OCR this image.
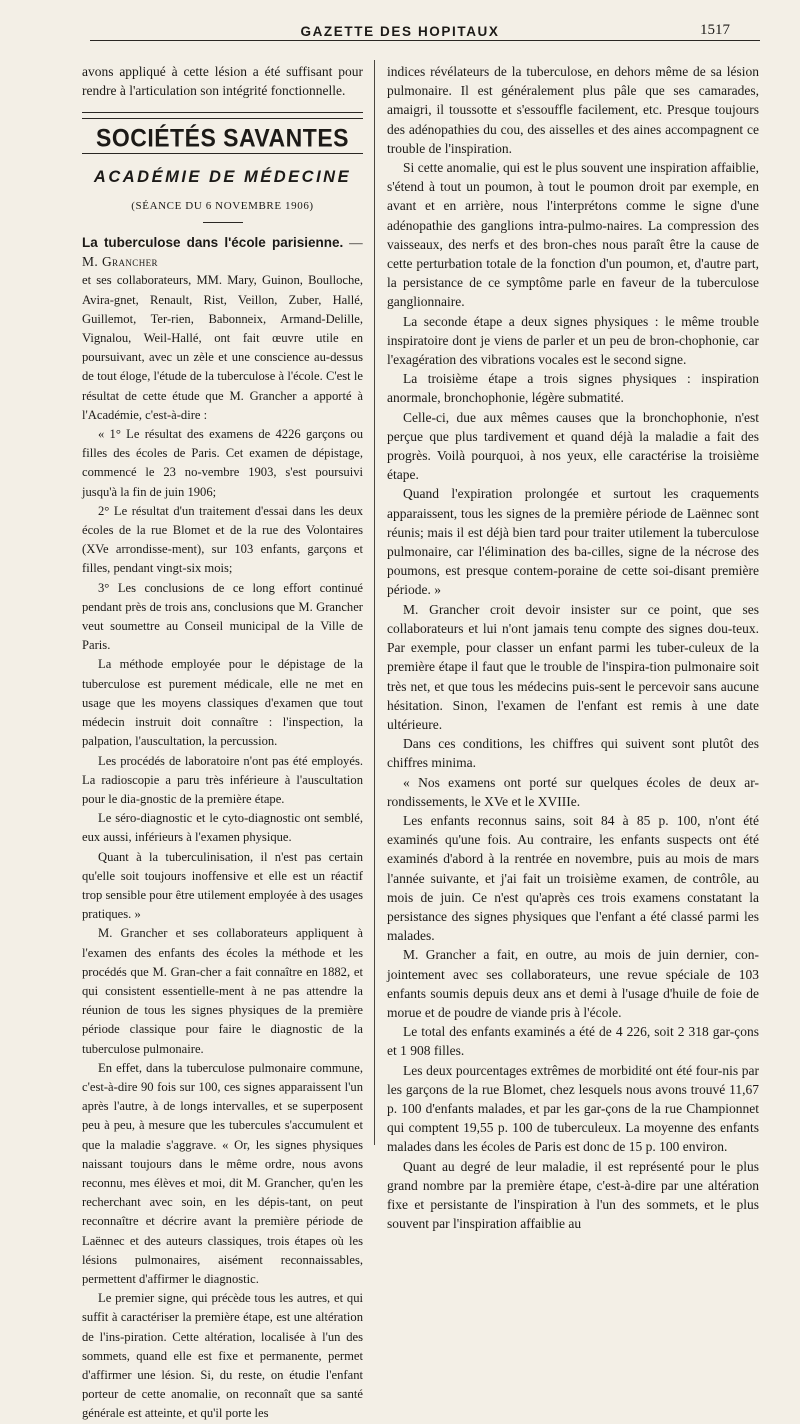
GAZETTE DES HOPITAUX	1517

avons appliqué à cette lésion a été suffisant pour rendre à l'articulation son intégrité fonctionnelle.

SOCIÉTÉS SAVANTES
ACADÉMIE DE MÉDECINE
(SÉANCE DU 6 NOVEMBRE 1906)

La tuberculose dans l'école parisienne. — M. Grancher

et ses collaborateurs, MM. Mary, Guinon, Boulloche, Avira-gnet, Renault, Rist, Veillon, Zuber, Hallé, Guillemot, Ter-rien, Babonneix, Armand-Delille, Vignalou, Weil-Hallé, ont fait œuvre utile en poursuivant, avec un zèle et une conscience au-dessus de tout éloge, l'étude de la tuberculose à l'école. C'est le résultat de cette étude que M. Grancher a apporté à l'Académie, c'est-à-dire :

« 1° Le résultat des examens de 4226 garçons ou filles des écoles de Paris. Cet examen de dépistage, commencé le 23 no-vembre 1903, s'est poursuivi jusqu'à la fin de juin 1906;

2° Le résultat d'un traitement d'essai dans les deux écoles de la rue Blomet et de la rue des Volontaires (XVe arrondisse-ment), sur 103 enfants, garçons et filles, pendant vingt-six mois;

3° Les conclusions de ce long effort continué pendant près de trois ans, conclusions que M. Grancher veut soumettre au Conseil municipal de la Ville de Paris.

La méthode employée pour le dépistage de la tuberculose est purement médicale, elle ne met en usage que les moyens classiques d'examen que tout médecin instruit doit connaître : l'inspection, la palpation, l'auscultation, la percussion.

Les procédés de laboratoire n'ont pas été employés. La radioscopie a paru très inférieure à l'auscultation pour le dia-gnostic de la première étape.

Le séro-diagnostic et le cyto-diagnostic ont semblé, eux aussi, inférieurs à l'examen physique.

Quant à la tuberculinisation, il n'est pas certain qu'elle soit toujours inoffensive et elle est un réactif trop sensible pour être utilement employée à des usages pratiques. »

M. Grancher et ses collaborateurs appliquent à l'examen des enfants des écoles la méthode et les procédés que M. Gran-cher a fait connaître en 1882, et qui consistent essentielle-ment à ne pas attendre la réunion de tous les signes physiques de la première période classique pour faire le diagnostic de la tuberculose pulmonaire.

En effet, dans la tuberculose pulmonaire commune, c'est-à-dire 90 fois sur 100, ces signes apparaissent l'un après l'autre, à de longs intervalles, et se superposent peu à peu, à mesure que les tubercules s'accumulent et que la maladie s'aggrave. « Or, les signes physiques naissant toujours dans le même ordre, nous avons reconnu, mes élèves et moi, dit M. Grancher, qu'en les recherchant avec soin, en les dépis-tant, on peut reconnaître et décrire avant la première période de Laënnec et des auteurs classiques, trois étapes où les lésions pulmonaires, aisément reconnaissables, permettent d'affirmer le diagnostic.

Le premier signe, qui précède tous les autres, et qui suffit à caractériser la première étape, est une altération de l'ins-piration. Cette altération, localisée à l'un des sommets, quand elle est fixe et permanente, permet d'affirmer une lésion. Si, du reste, on étudie l'enfant porteur de cette anomalie, on reconnaît que sa santé générale est atteinte, et qu'il porte les

indices révélateurs de la tuberculose, en dehors même de sa lésion pulmonaire. Il est généralement plus pâle que ses camarades, amaigri, il toussotte et s'essouffle facilement, etc. Presque toujours des adénopathies du cou, des aisselles et des aines accompagnent ce trouble de l'inspiration.

Si cette anomalie, qui est le plus souvent une inspiration affaiblie, s'étend à tout un poumon, à tout le poumon droit par exemple, en avant et en arrière, nous l'interprétons comme le signe d'une adénopathie des ganglions intra-pulmo-naires. La compression des vaisseaux, des nerfs et des bron-ches nous paraît être la cause de cette perturbation totale de la fonction d'un poumon, et, d'autre part, la persistance de ce symptôme parle en faveur de la tuberculose ganglionnaire.

La seconde étape a deux signes physiques : le même trouble inspiratoire dont je viens de parler et un peu de bron-chophonie, car l'exagération des vibrations vocales est le second signe.

La troisième étape a trois signes physiques : inspiration anormale, bronchophonie, légère submatité.

Celle-ci, due aux mêmes causes que la bronchophonie, n'est perçue que plus tardivement et quand déjà la maladie a fait des progrès. Voilà pourquoi, à nos yeux, elle caractérise la troisième étape.

Quand l'expiration prolongée et surtout les craquements apparaissent, tous les signes de la première période de Laënnec sont réunis; mais il est déjà bien tard pour traiter utilement la tuberculose pulmonaire, car l'élimination des ba-cilles, signe de la nécrose des poumons, est presque contem-poraine de cette soi-disant première période. »

M. Grancher croit devoir insister sur ce point, que ses collaborateurs et lui n'ont jamais tenu compte des signes dou-teux. Par exemple, pour classer un enfant parmi les tuber-culeux de la première étape il faut que le trouble de l'inspira-tion pulmonaire soit très net, et que tous les médecins puis-sent le percevoir sans aucune hésitation. Sinon, l'examen de l'enfant est remis à une date ultérieure.

Dans ces conditions, les chiffres qui suivent sont plutôt des chiffres minima.

« Nos examens ont porté sur quelques écoles de deux ar-rondissements, le XVe et le XVIIIe.

Les enfants reconnus sains, soit 84 à 85 p. 100, n'ont été examinés qu'une fois. Au contraire, les enfants suspects ont été examinés d'abord à la rentrée en novembre, puis au mois de mars l'année suivante, et j'ai fait un troisième examen, de contrôle, au mois de juin. Ce n'est qu'après ces trois examens constatant la persistance des signes physiques que l'enfant a été classé parmi les malades.

M. Grancher a fait, en outre, au mois de juin dernier, con-jointement avec ses collaborateurs, une revue spéciale de 103 enfants soumis depuis deux ans et demi à l'usage d'huile de foie de morue et de poudre de viande pris à l'école.

Le total des enfants examinés a été de 4 226, soit 2 318 gar-çons et 1 908 filles.

Les deux pourcentages extrêmes de morbidité ont été four-nis par les garçons de la rue Blomet, chez lesquels nous avons trouvé 11,67 p. 100 d'enfants malades, et par les gar-çons de la rue Championnet qui comptent 19,55 p. 100 de tuberculeux. La moyenne des enfants malades dans les écoles de Paris est donc de 15 p. 100 environ.

Quant au degré de leur maladie, il est représenté pour le plus grand nombre par la première étape, c'est-à-dire par une altération fixe et persistante de l'inspiration à l'un des sommets, et le plus souvent par l'inspiration affaiblie au
